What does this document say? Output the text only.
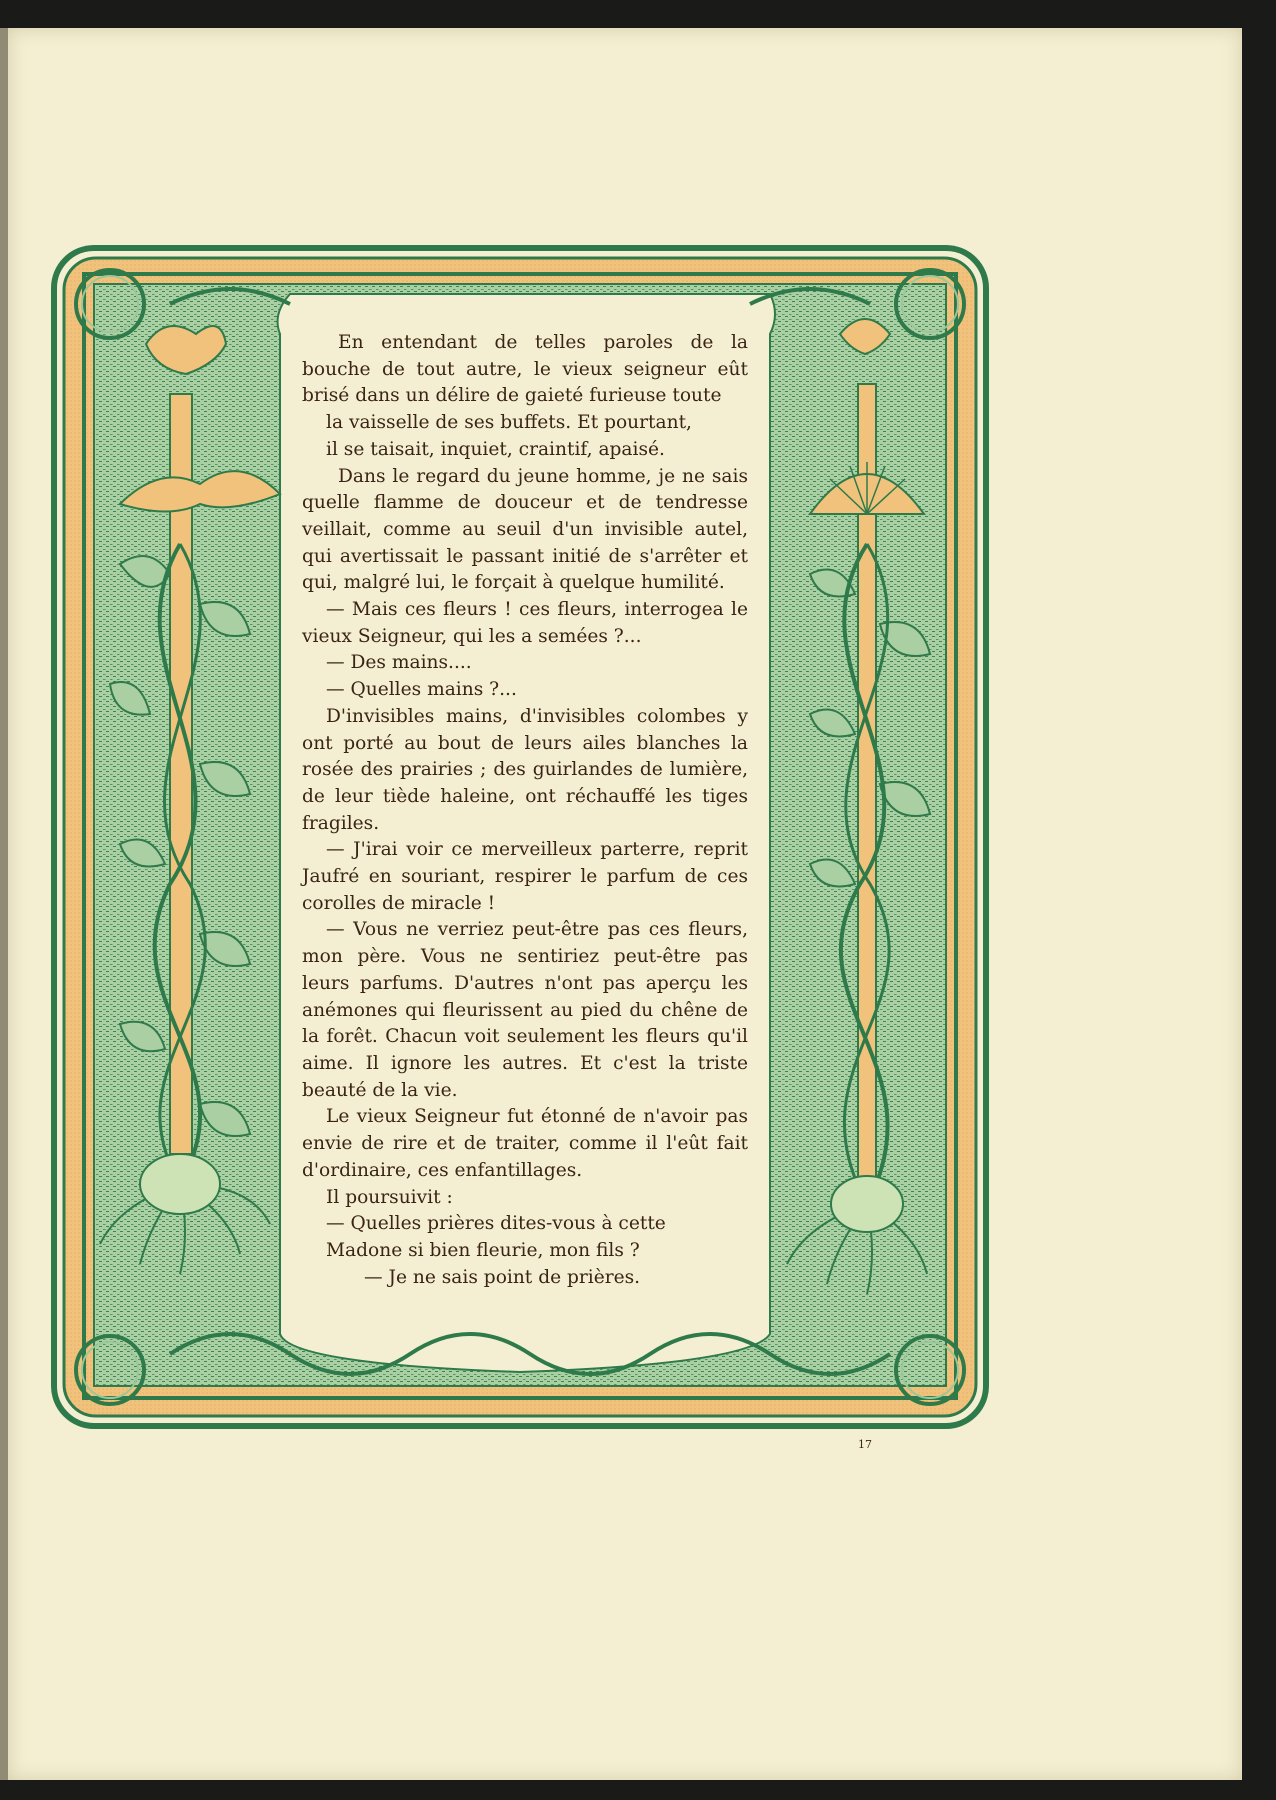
En entendant de telles paroles de la bouche de tout autre, le vieux seigneur eût brisé dans un délire de gaieté furieuse toute

la vaisselle de ses buffets. Et pourtant,

il se taisait, inquiet, craintif, apaisé.

Dans le regard du jeune homme, je ne sais quelle flamme de douceur et de tendresse veillait, comme au seuil d'un invisible autel, qui avertissait le passant initié de s'arrêter et qui, malgré lui, le forçait à quelque humilité.

— Mais ces fleurs ! ces fleurs, interrogea le vieux Seigneur, qui les a semées ?...

— Des mains....

— Quelles mains ?...

D'invisibles mains, d'invisibles colombes y ont porté au bout de leurs ailes blanches la rosée des prairies ; des guirlandes de lumière, de leur tiède haleine, ont réchauffé les tiges fragiles.

— J'irai voir ce merveilleux parterre, reprit Jaufré en souriant, respirer le parfum de ces corolles de miracle !

— Vous ne verriez peut-être pas ces fleurs, mon père. Vous ne sentiriez peut-être pas leurs parfums. D'autres n'ont pas aperçu les anémones qui fleurissent au pied du chêne de la forêt. Chacun voit seulement les fleurs qu'il aime. Il ignore les autres. Et c'est la triste beauté de la vie.

Le vieux Seigneur fut étonné de n'avoir pas envie de rire et de traiter, comme il l'eût fait d'ordinaire, ces enfantillages.

Il poursuivit :

— Quelles prières dites-vous à cette

Madone si bien fleurie, mon fils ?

— Je ne sais point de prières.

17
